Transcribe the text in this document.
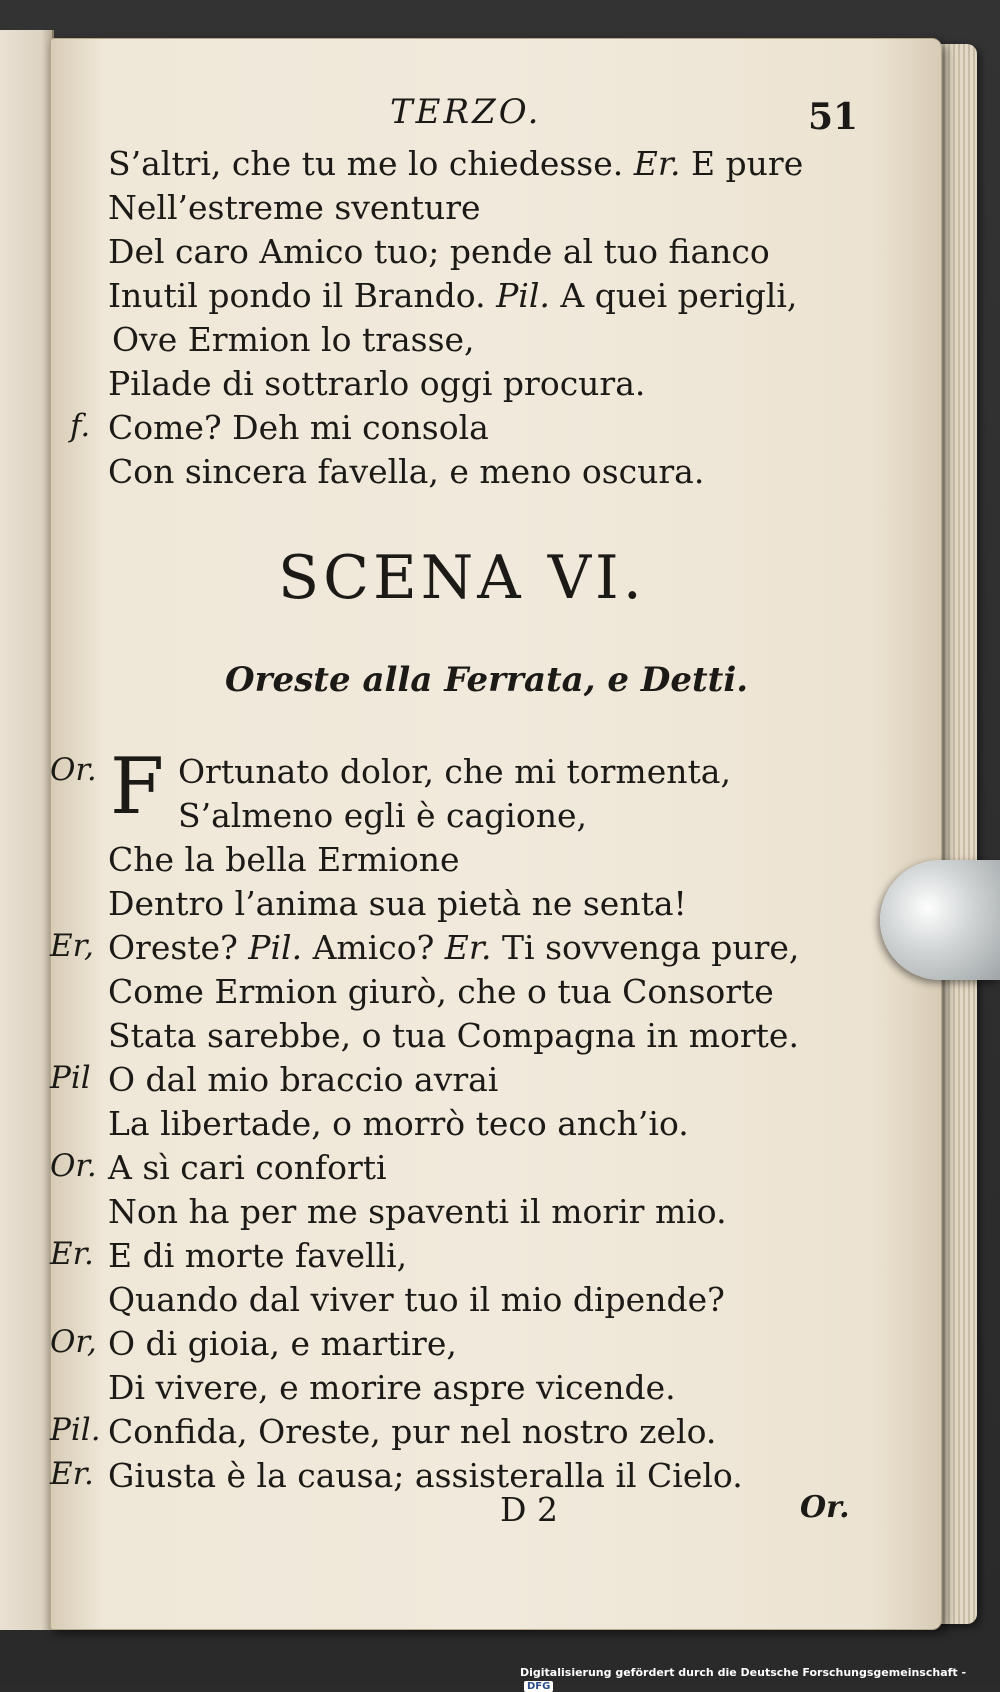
TERZO.	51
S’altri, che tu me lo chiedesse. Er. E pure
Nell’estreme sventure
Del caro Amico tuo; pende al tuo fianco
Inutil pondo il Brando. Pil. A quei perigli,
Ove Ermion lo trasse,
Pilade di sottrarlo oggi procura.
f. Come? Deh mi consola
Con sincera favella, e meno oscura.
SCENA VI.
Oreste alla Ferrata, e Detti.
F
Or. Ortunato dolor, che mi tormenta,
S’almeno egli è cagione,
Che la bella Ermione
Dentro l’anima sua pietà ne senta!
Er, Oreste? Pil. Amico? Er. Ti sovvenga pure,
Come Ermion giurò, che o tua Consorte
Stata sarebbe, o tua Compagna in morte.
Pil O dal mio braccio avrai
La libertade, o morrò teco anch’io.
Or. A sì cari conforti
Non ha per me spaventi il morir mio.
Er. E di morte favelli,
Quando dal viver tuo il mio dipende?
Or, O di gioia, e martire,
Di vivere, e morire aspre vicende.
Pil. Confida, Oreste, pur nel nostro zelo.
Er. Giusta è la causa; assisteralla il Cielo.
D 2	Or.
Digitalisierung gefördert durch die Deutsche Forschungsgemeinschaft - DFG
